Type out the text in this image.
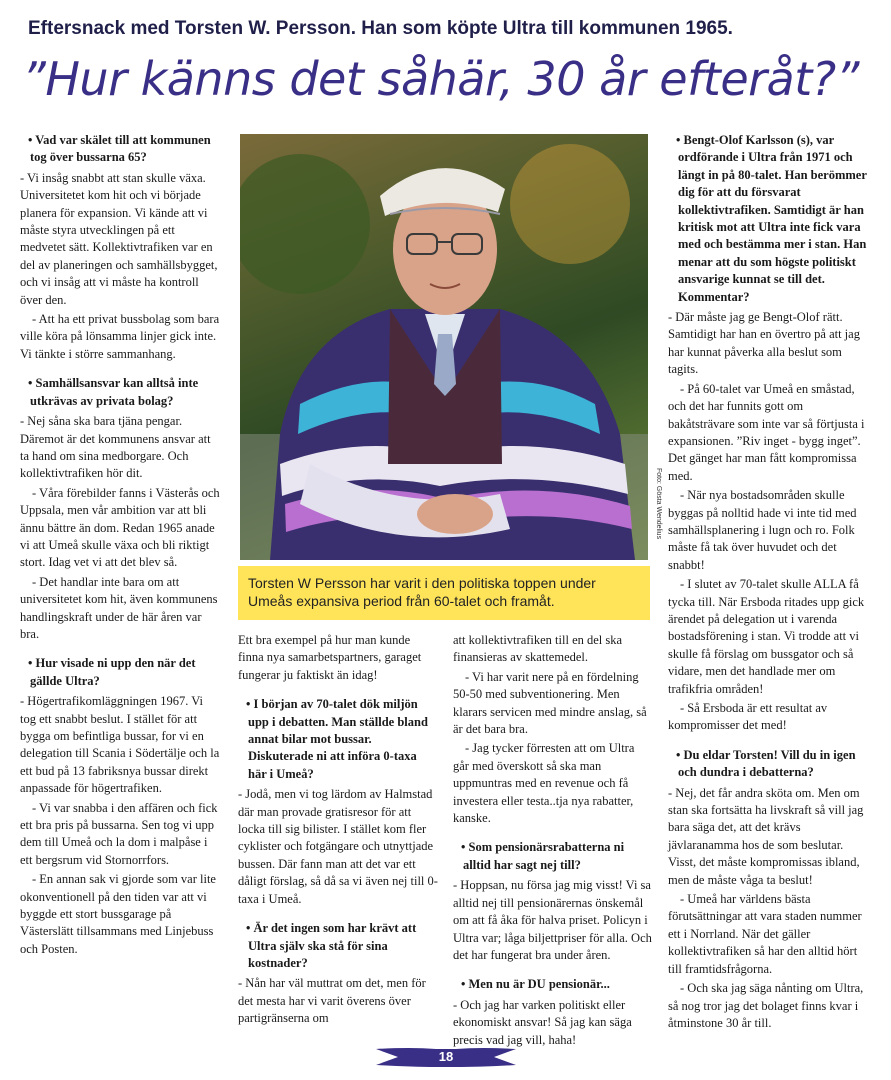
Eftersnack med Torsten W. Persson. Han som köpte Ultra till kommunen 1965.
”Hur känns det såhär, 30 år efteråt?”

• Vad var skälet till att kommunen tog över bussarna 65?

- Vi insåg snabbt att stan skulle växa. Universitetet kom hit och vi började planera för expansion. Vi kände att vi måste styra utvecklingen på ett medvetet sätt. Kollektivtrafiken var en del av planeringen och samhällsbygget, och vi insåg att vi måste ha kontroll över den.

- Att ha ett privat bussbolag som bara ville köra på lönsamma linjer gick inte. Vi tänkte i större sammanhang.

• Samhällsansvar kan alltså inte utkrävas av privata bolag?

- Nej såna ska bara tjäna pengar. Däremot är det kommunens ansvar att ta hand om sina medborgare. Och kollektivtrafiken hör dit.

- Våra förebilder fanns i Västerås och Uppsala, men vår ambition var att bli ännu bättre än dom. Redan 1965 anade vi att Umeå skulle växa och bli riktigt stort. Idag vet vi att det blev så.

- Det handlar inte bara om att universitetet kom hit, även kommunens handlingskraft under de här åren var bra.

• Hur visade ni upp den när det gällde Ultra?

- Högertrafikomläggningen 1967. Vi tog ett snabbt beslut. I stället för att bygga om befintliga bussar, for vi en delegation till Scania i Södertälje och la ett bud på 13 fabriksnya bussar direkt anpassade för högertrafiken.

- Vi var snabba i den affären och fick ett bra pris på bussarna. Sen tog vi upp dem till Umeå och la dom i malpåse i ett bergsrum vid Stornorrfors.

- En annan sak vi gjorde som var lite okonventionell på den tiden var att vi byggde ett stort bussgarage på Västerslätt tillsammans med Linjebuss och Posten.

Foto: Gösta Wendelius
Torsten W Persson har varit i den politiska toppen under Umeås expansiva period från 60-talet och framåt.

Ett bra exempel på hur man kunde finna nya samarbetspartners, garaget fungerar ju faktiskt än idag!

• I början av 70-talet dök miljön upp i debatten. Man ställde bland annat bilar mot bussar. Diskuterade ni att införa 0-taxa här i Umeå?

- Jodå, men vi tog lärdom av Halmstad där man provade gratisresor för att locka till sig bilister. I stället kom fler cyklister och fotgängare och utnyttjade bussen. Där fann man att det var ett dåligt förslag, så då sa vi även nej till 0-taxa i Umeå.

• Är det ingen som har krävt att Ultra själv ska stå för sina kostnader?

- Nån har väl muttrat om det, men för det mesta har vi varit överens över partigränserna om

att kollektivtrafiken till en del ska finansieras av skattemedel.

- Vi har varit nere på en fördelning 50-50 med subventionering. Men klarars servicen med mindre anslag, så är det bara bra.

- Jag tycker förresten att om Ultra går med överskott så ska man uppmuntras med en revenue och få investera eller testa..tja nya rabatter, kanske.

• Som pensionärsrabatterna ni alltid har sagt nej till?

- Hoppsan, nu försa jag mig visst! Vi sa alltid nej till pensionärernas önskemål om att få åka för halva priset. Policyn i Ultra var; låga biljettpriser för alla. Och det har fungerat bra under åren.

• Men nu är DU pensionär...

- Och jag har varken politiskt eller ekonomiskt ansvar! Så jag kan säga precis vad jag vill, haha!

• Bengt-Olof Karlsson (s), var ordförande i Ultra från 1971 och längt in på 80-talet. Han berömmer dig för att du försvarat kollektivtrafiken. Samtidigt är han kritisk mot att Ultra inte fick vara med och bestämma mer i stan. Han menar att du som högste politiskt ansvarige kunnat se till det. Kommentar?

- Där måste jag ge Bengt-Olof rätt. Samtidigt har han en övertro på att jag har kunnat påverka alla beslut som tagits.

- På 60-talet var Umeå en småstad, och det har funnits gott om bakåtsträvare som inte var så förtjusta i expansionen. ”Riv inget - bygg inget”. Det gänget har man fått kompromissa med.

- När nya bostadsområden skulle byggas på nolltid hade vi inte tid med samhällsplanering i lugn och ro. Folk måste få tak över huvudet och det snabbt!

- I slutet av 70-talet skulle ALLA få tycka till. När Ersboda ritades upp gick ärendet på delegation ut i varenda bostadsförening i stan. Vi trodde att vi skulle få förslag om bussgator och så vidare, men det handlade mer om trafikfria områden!

- Så Ersboda är ett resultat av kompromisser det med!

• Du eldar Torsten! Vill du in igen och dundra i debatterna?

- Nej, det får andra sköta om. Men om stan ska fortsätta ha livskraft så vill jag bara säga det, att det krävs jävlaranamma hos de som beslutar. Visst, det måste kompromissas ibland, men de måste våga ta beslut!

- Umeå har världens bästa förutsättningar att vara staden nummer ett i Norrland. När det gäller kollektivtrafiken så har den alltid hört till framtidsfrågorna.

- Och ska jag säga nånting om Ultra, så nog tror jag det bolaget finns kvar i åtminstone 30 år till.

18
